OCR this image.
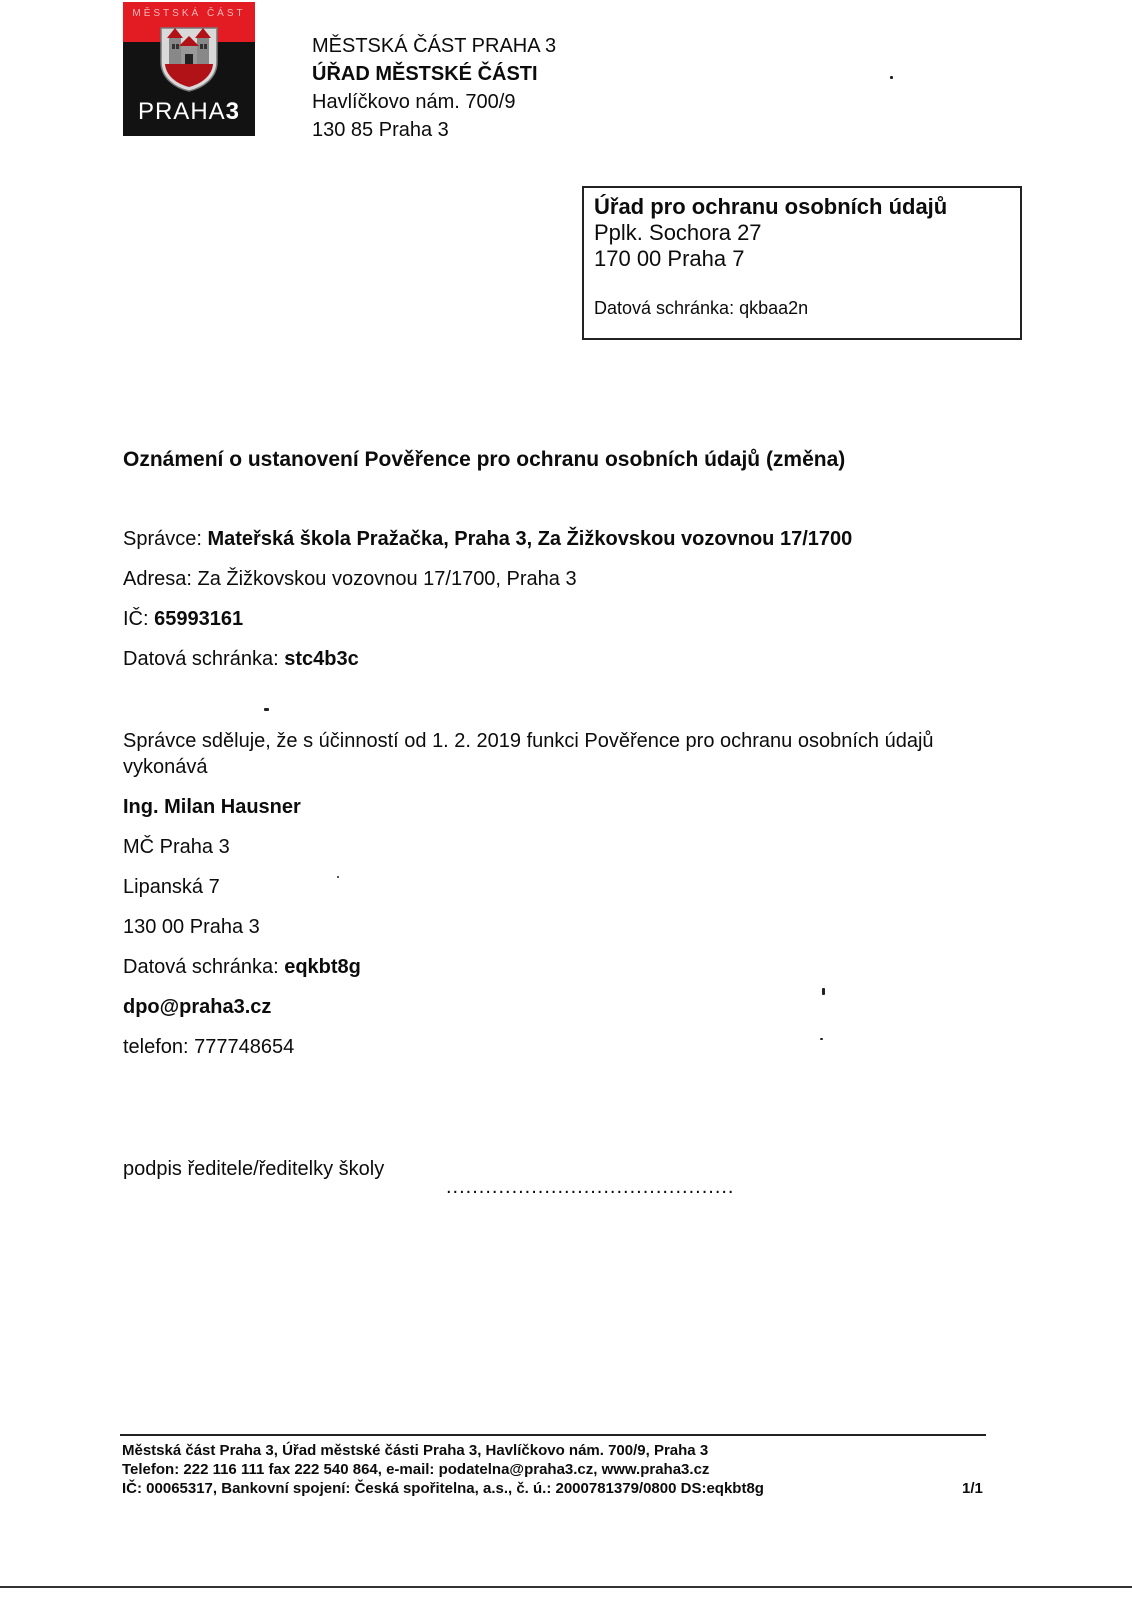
MĚSTSKÁ ČÁST
PRAHA3
MĚSTSKÁ ČÁST PRAHA 3
ÚŘAD MĚSTSKÉ ČÁSTI
Havlíčkovo nám. 700/9
130 85 Praha 3
Úřad pro ochranu osobních údajů
Pplk. Sochora 27
170 00 Praha 7
Datová schránka: qkbaa2n
Oznámení o ustanovení Pověřence pro ochranu osobních údajů (změna)
Správce: Mateřská škola Pražačka, Praha 3, Za Žižkovskou vozovnou 17/1700
Adresa: Za Žižkovskou vozovnou 17/1700, Praha 3
IČ: 65993161
Datová schránka: stc4b3c
Správce sděluje, že s účinností od 1. 2. 2019 funkci Pověřence pro ochranu osobních údajů
vykonává
Ing. Milan Hausner
MČ Praha 3
Lipanská 7
130 00 Praha 3
Datová schránka: eqkbt8g
dpo@praha3.cz
telefon: 777748654
podpis ředitele/ředitelky školy
............................................
Městská část Praha 3, Úřad městské části Praha 3, Havlíčkovo nám. 700/9, Praha 3
Telefon: 222 116 111 fax 222 540 864, e-mail: podatelna@praha3.cz, www.praha3.cz
IČ: 00065317, Bankovní spojení: Česká spořitelna, a.s., č. ú.: 2000781379/0800 DS:eqkbt8g	1/1
